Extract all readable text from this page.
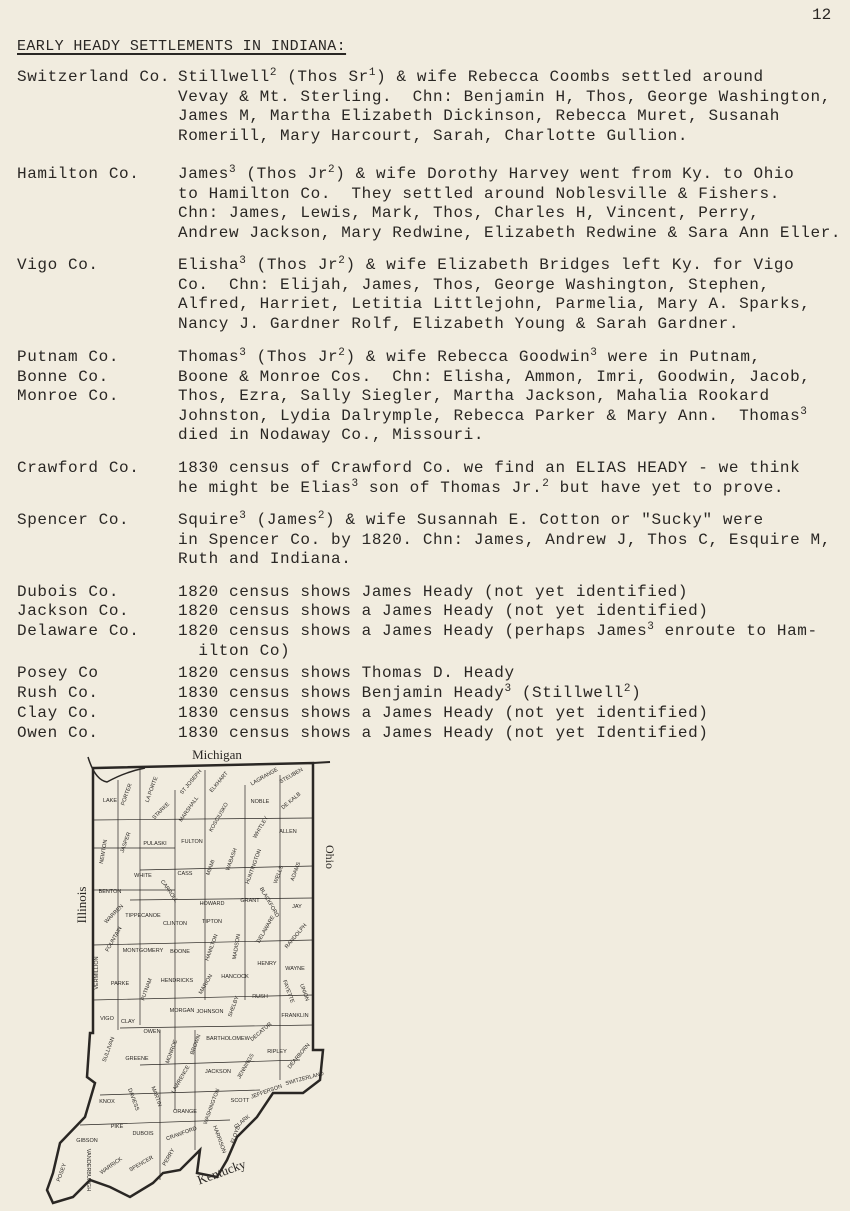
12
EARLY HEADY SETTLEMENTS IN INDIANA:
Switzerland Co. Stillwell$^2$ (Thos Sr$^1$) & wife Rebecca Coombs settled around
Vevay & Mt. Sterling.  Chn: Benjamin H, Thos, George Washington,
James M, Martha Elizabeth Dickinson, Rebecca Muret, Susanah
Romerill, Mary Harcourt, Sarah, Charlotte Gullion.
Hamilton Co. James$^3$ (Thos Jr$^2$) & wife Dorothy Harvey went from Ky. to Ohio
to Hamilton Co.  They settled around Noblesville & Fishers.
Chn: James, Lewis, Mark, Thos, Charles H, Vincent, Perry,
Andrew Jackson, Mary Redwine, Elizabeth Redwine & Sara Ann Eller.
Vigo Co.	Elisha$^3$ (Thos Jr$^2$) & wife Elizabeth Bridges left Ky. for Vigo
Co.  Chn: Elijah, James, Thos, George Washington, Stephen,
Alfred, Harriet, Letitia Littlejohn, Parmelia, Mary A. Sparks,
Nancy J. Gardner Rolf, Elizabeth Young & Sarah Gardner.
Putnam Co.
Bonne Co.
Monroe Co.
Thomas$^3$ (Thos Jr$^2$) & wife Rebecca Goodwin$^3$ were in Putnam,
Boone & Monroe Cos.  Chn: Elisha, Ammon, Imri, Goodwin, Jacob,
Thos, Ezra, Sally Siegler, Martha Jackson, Mahalia Rookard
Johnston, Lydia Dalrymple, Rebecca Parker & Mary Ann.  Thomas$^3$
died in Nodaway Co., Missouri.
Crawford Co. 1830 census of Crawford Co. we find an ELIAS HEADY - we think
he might be Elias$^3$ son of Thomas Jr.$^2$ but have yet to prove.
Spencer Co.	Squire$^3$ (James$^2$) & wife Susannah E. Cotton or "Sucky" were
in Spencer Co. by 1820. Chn: James, Andrew J, Thos C, Esquire M,
Ruth and Indiana.
Dubois Co.	1820 census shows James Heady (not yet identified)
Jackson Co.	1820 census shows a James Heady (not yet identified)
Delaware Co. 1820 census shows a James Heady (perhaps James$^3$ enroute to Ham-
ilton Co)
Posey Co	1820 census shows Thomas D. Heady
Rush Co.	1830 census shows Benjamin Heady$^3$ (Stillwell$^2$)
Clay Co.	1830 census shows a James Heady (not yet identified)
Owen Co.	1830 census shows a James Heady (not yet Identified)
LAKE PORTER LA PORTE	ST JOSEPH ELKHART	LAGRANGE STEUBEN
NOBLE DE KALB
STARKE MARSHALL KOSCIUSKO	WHITLEY ALLEN
NEWTON JASPER PULASKI	FULTON
MIAMI WABASH HUNTINGTON WELLS ADAMS
WHITE	CASS
BENTON	CARROLL
HOWARD	GRANT
BLACKFORD JAY
WARREN TIPPECANOE
CLINTON	TIPTON	DELAWARE RANDOLPH
FOUNTAIN MONTGOMERY BOONE	HAMILTON MADISON
HENRY
WAYNE
VERMILLION PARKE PUTNAM HENDRICKS MARION HANCOCK
FAYETTE UNION
RUSH
VIGO CLAY
MORGAN JOHNSON SHELBY	FRANKLIN
OWEN
MONROE BROWN BARTHOLOMEW DECATUR
RIPLEY DEARBORN
SULLIVAN GREENE
JACKSON JENNINGS	SWITZERLAND
KNOX DAVIESS MARTIN
LAWRENCE
ORANGE WASHINGTON SCOTT
JEFFERSON
CLARK
GIBSON
PIKE
DUBOIS CRAWFORD HARRISON FLOYD
POSEY	VANDERBURGH WARRICK SPENCER PERRY
Michigan
Illinois
Ohio
Kentucky
